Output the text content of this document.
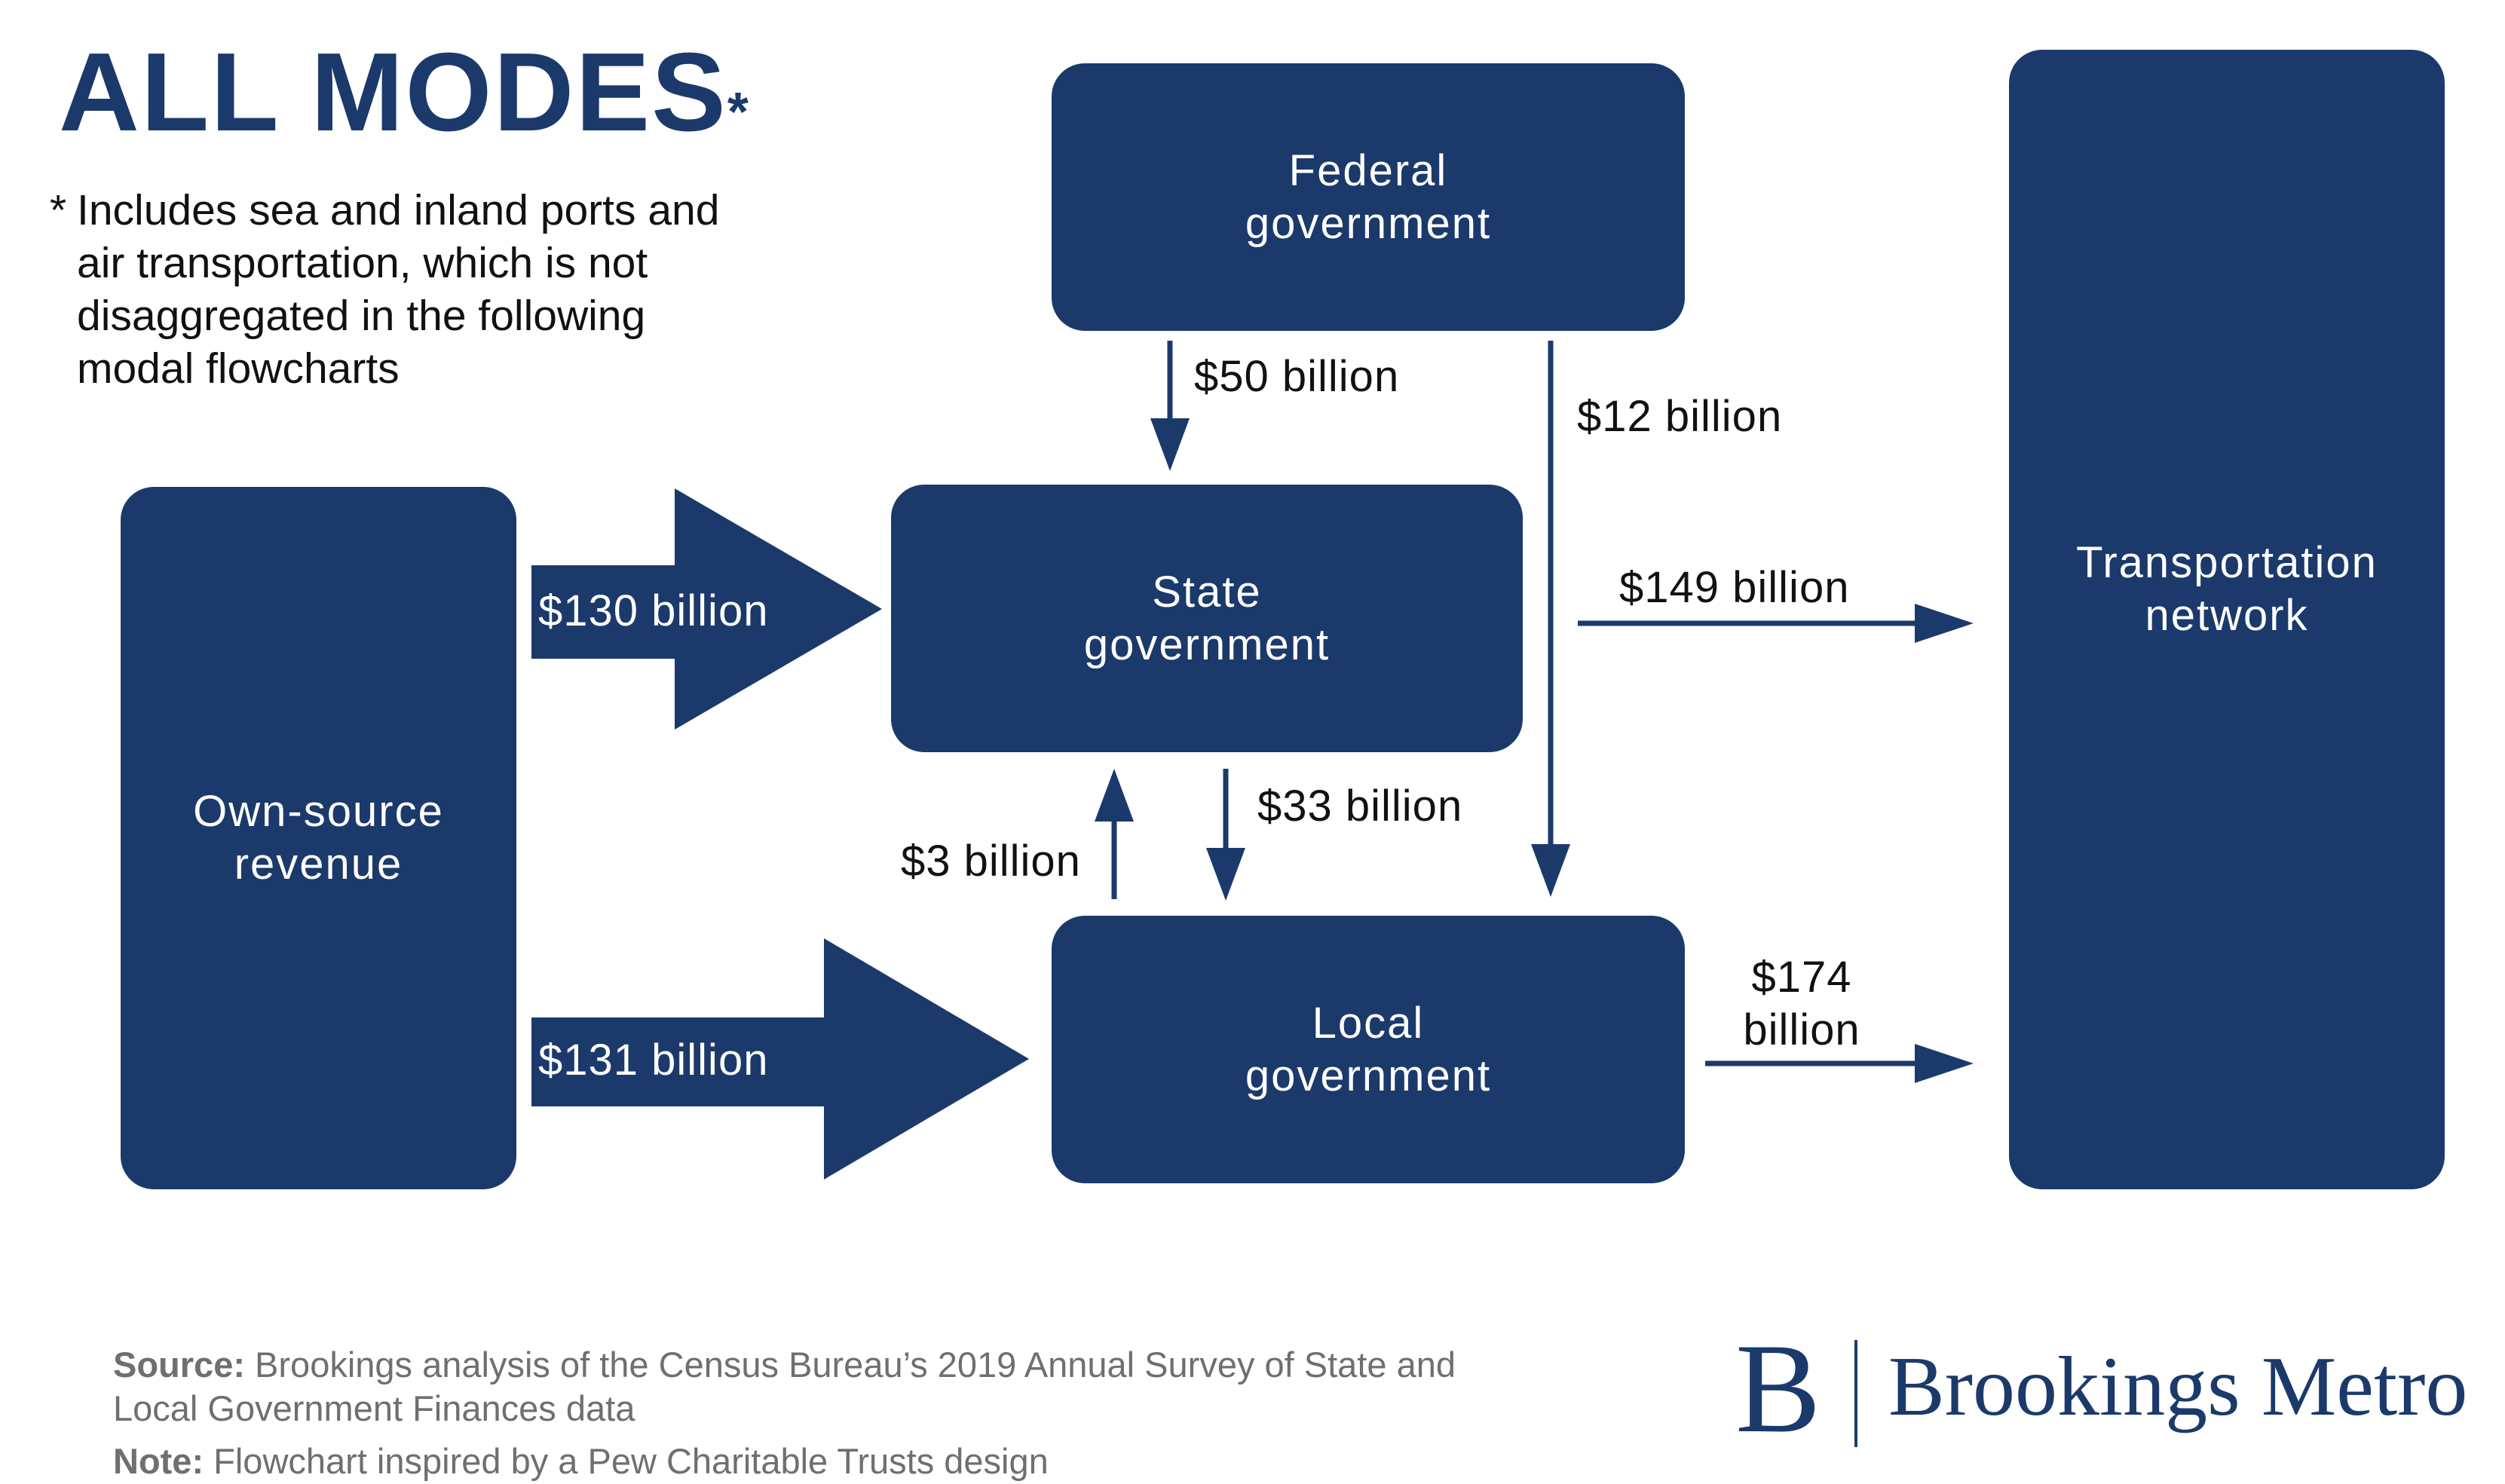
ALL MODES*
* Includes sea and inland ports and
air transportation, which is not
disaggregated in the following
modal flowcharts
Federal
government
State
government
Local
government
Own-source
revenue
Transportation
network
$130 billion
$131 billion
$50 billion
$12 billion
$149 billion
$33 billion
$3 billion
$174
billion
Source: Brookings analysis of the Census Bureau’s 2019 Annual Survey of State and
Local Government Finances data
Note: Flowchart inspired by a Pew Charitable Trusts design
B Brookings Metro
